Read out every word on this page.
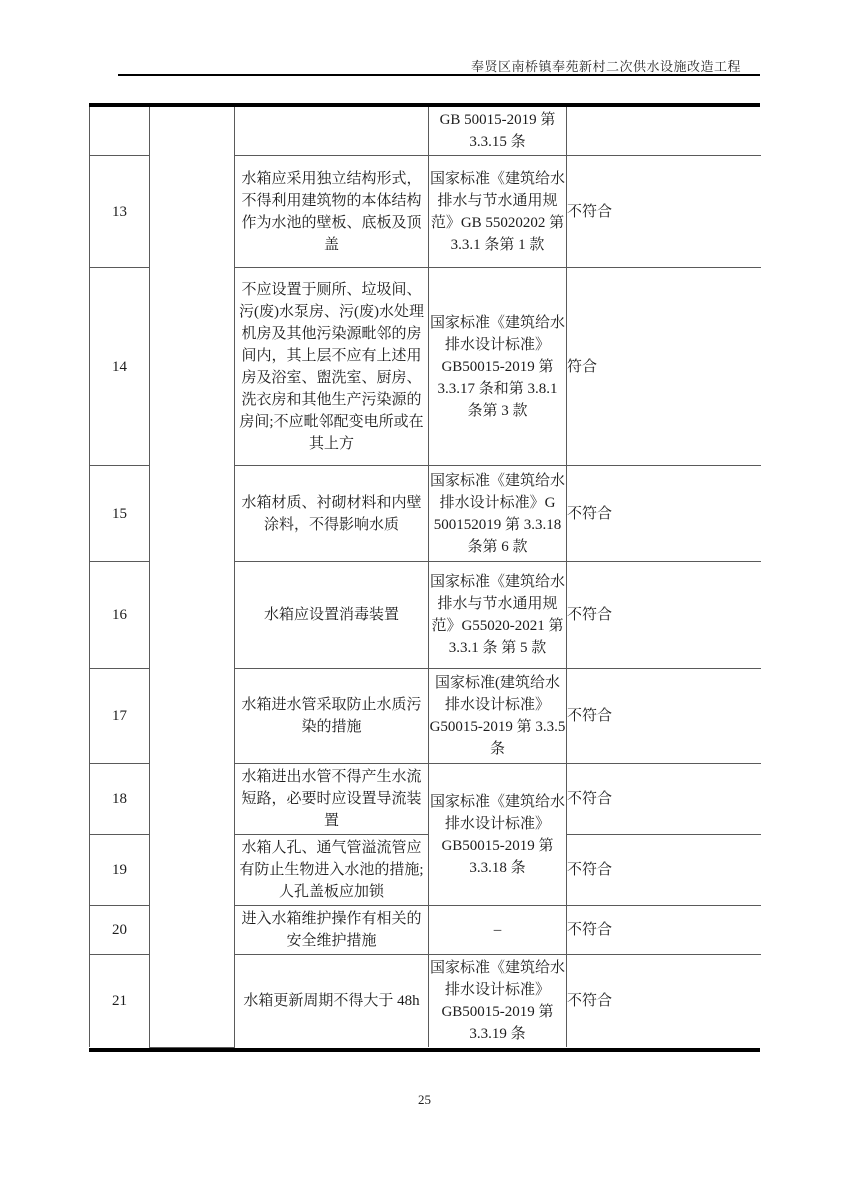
奉贤区南桥镇奉苑新村二次供水设施改造工程
			GB 50015-2019 第 3.3.15 条	
13		水箱应采用独立结构形式，不得利用建筑物的本体结构作为水池的壁板、底板及顶盖	国家标准《建筑给水排水与节水通用规范》GB 55020202 第 3.3.1 条第 1 款	不符合
14		不应设置于厕所、垃圾间、污(废)水泵房、污(废)水处理机房及其他污染源毗邻的房间内，其上层不应有上述用房及浴室、盥洗室、厨房、洗衣房和其他生产污染源的房间;不应毗邻配变电所或在其上方	国家标准《建筑给水排水设计标准》GB50015-2019 第 3.3.17 条和第 3.8.1 条第 3 款	符合
15		水箱材质、衬砌材料和内壁涂料，不得影响水质	国家标准《建筑给水排水设计标准》G 500152019 第 3.3.18 条第 6 款	不符合
16		水箱应设置消毒装置	国家标准《建筑给水排水与节水通用规范》G55020-2021 第 3.3.1 条 第 5 款	不符合
17		水箱进水管采取防止水质污染的措施	国家标准(建筑给水排水设计标准》G50015-2019 第 3.3.5 条	不符合
18		水箱进出水管不得产生水流短路，必要时应设置导流装置	国家标准《建筑给水排水设计标准》GB50015-2019 第 3.3.18 条	不符合
19		水箱人孔、通气管溢流管应有防止生物进入水池的措施;人孔盖板应加锁		不符合
20		进入水箱维护操作有相关的安全维护措施	–	不符合
21		水箱更新周期不得大于 48h	国家标准《建筑给水排水设计标准》GB50015-2019 第 3.3.19 条	不符合
25
